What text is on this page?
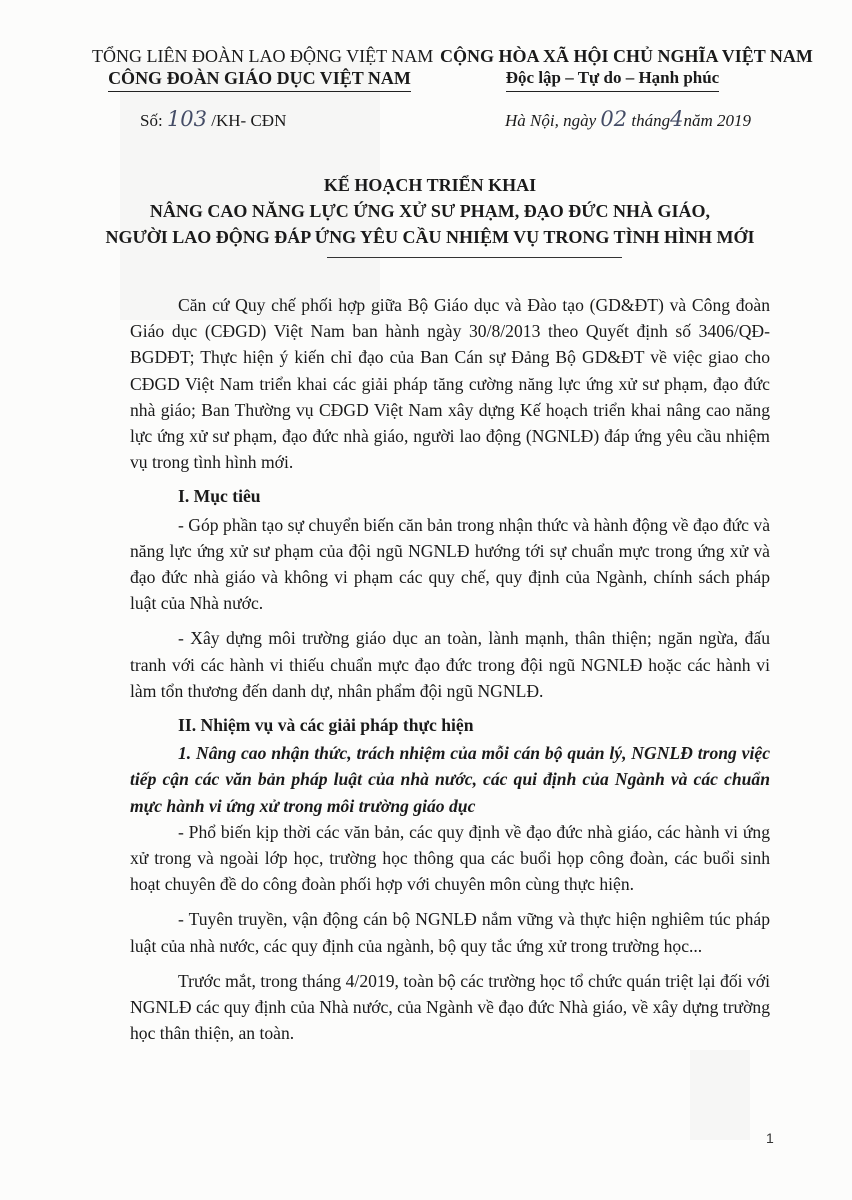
TỔNG LIÊN ĐOÀN LAO ĐỘNG VIỆT NAM
CÔNG ĐOÀN GIÁO DỤC VIỆT NAM
CỘNG HÒA XÃ HỘI CHỦ NGHĨA VIỆT NAM
Độc lập – Tự do – Hạnh phúc
Số: 103 /KH- CĐN	Hà Nội, ngày 02 tháng4năm 2019
KẾ HOẠCH TRIỂN KHAI
NÂNG CAO NĂNG LỰC ỨNG XỬ SƯ PHẠM, ĐẠO ĐỨC NHÀ GIÁO,
NGƯỜI LAO ĐỘNG ĐÁP ỨNG YÊU CẦU NHIỆM VỤ TRONG TÌNH HÌNH MỚI

Căn cứ Quy chế phối hợp giữa Bộ Giáo dục và Đào tạo (GD&ĐT) và Công đoàn Giáo dục (CĐGD) Việt Nam ban hành ngày 30/8/2013 theo Quyết định số 3406/QĐ-BGDĐT; Thực hiện ý kiến chỉ đạo của Ban Cán sự Đảng Bộ GD&ĐT về việc giao cho CĐGD Việt Nam triển khai các giải pháp tăng cường năng lực ứng xử sư phạm, đạo đức nhà giáo; Ban Thường vụ CĐGD Việt Nam xây dựng Kế hoạch triển khai nâng cao năng lực ứng xử sư phạm, đạo đức nhà giáo, người lao động (NGNLĐ) đáp ứng yêu cầu nhiệm vụ trong tình hình mới.

I. Mục tiêu

- Góp phần tạo sự chuyển biến căn bản trong nhận thức và hành động về đạo đức và năng lực ứng xử sư phạm của đội ngũ NGNLĐ hướng tới sự chuẩn mực trong ứng xử và đạo đức nhà giáo và không vi phạm các quy chế, quy định của Ngành, chính sách pháp luật của Nhà nước.

- Xây dựng môi trường giáo dục an toàn, lành mạnh, thân thiện; ngăn ngừa, đấu tranh với các hành vi thiếu chuẩn mực đạo đức trong đội ngũ NGNLĐ hoặc các hành vi làm tổn thương đến danh dự, nhân phẩm đội ngũ NGNLĐ.

II. Nhiệm vụ và các giải pháp thực hiện

1. Nâng cao nhận thức, trách nhiệm của mỗi cán bộ quản lý, NGNLĐ trong việc tiếp cận các văn bản pháp luật của nhà nước, các qui định của Ngành và các chuẩn mực hành vi ứng xử trong môi trường giáo dục

- Phổ biến kịp thời các văn bản, các quy định về đạo đức nhà giáo, các hành vi ứng xử trong và ngoài lớp học, trường học thông qua các buổi họp công đoàn, các buổi sinh hoạt chuyên đề do công đoàn phối hợp với chuyên môn cùng thực hiện.

- Tuyên truyền, vận động cán bộ NGNLĐ nắm vững và thực hiện nghiêm túc pháp luật của nhà nước, các quy định của ngành, bộ quy tắc ứng xử trong trường học...

Trước mắt, trong tháng 4/2019, toàn bộ các trường học tổ chức quán triệt lại đối với NGNLĐ các quy định của Nhà nước, của Ngành về đạo đức Nhà giáo, về xây dựng trường học thân thiện, an toàn.

1
